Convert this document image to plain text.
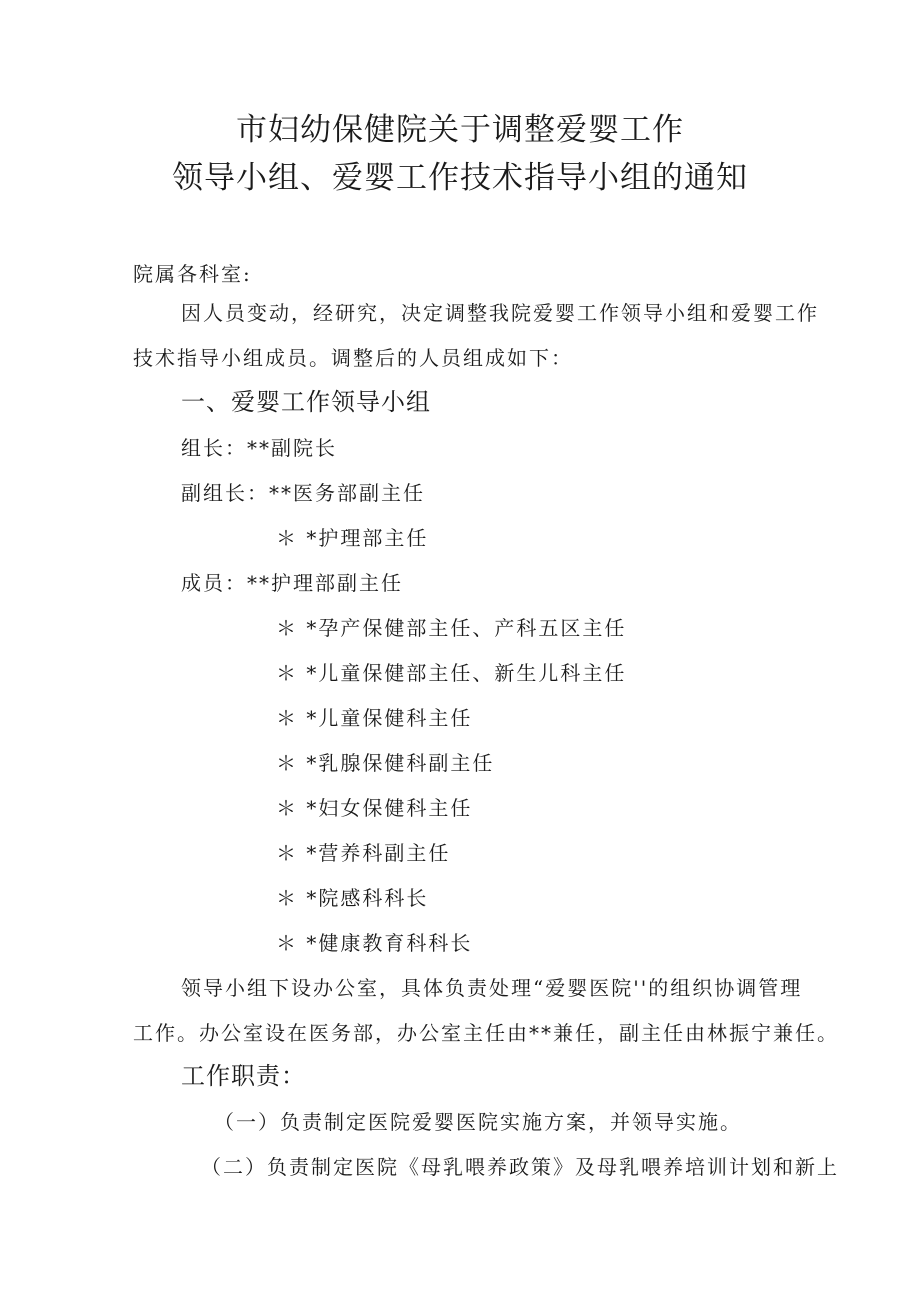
市妇幼保健院关于调整爱婴工作
领导小组、爱婴工作技术指导小组的通知
院属各科室:
因人员变动，经研究，决定调整我院爱婴工作领导小组和爱婴工作
技术指导小组成员。调整后的人员组成如下：
一、爱婴工作领导小组
组长：**副院长
副组长：**医务部副主任
＊ *护理部主任
成员：**护理部副主任
＊ *孕产保健部主任、产科五区主任
＊ *儿童保健部主任、新生儿科主任
＊ *儿童保健科主任
＊ *乳腺保健科副主任
＊ *妇女保健科主任
＊ *营养科副主任
＊ *院感科科长
＊ *健康教育科科长
领导小组下设办公室，具体负责处理“爱婴医院''的组织协调管理
工作。办公室设在医务部，办公室主任由**兼任，副主任由林振宁兼任。
工作职责：
（一）负责制定医院爱婴医院实施方案，并领导实施。
（二）负责制定医院《母乳喂养政策》及母乳喂养培训计划和新上
